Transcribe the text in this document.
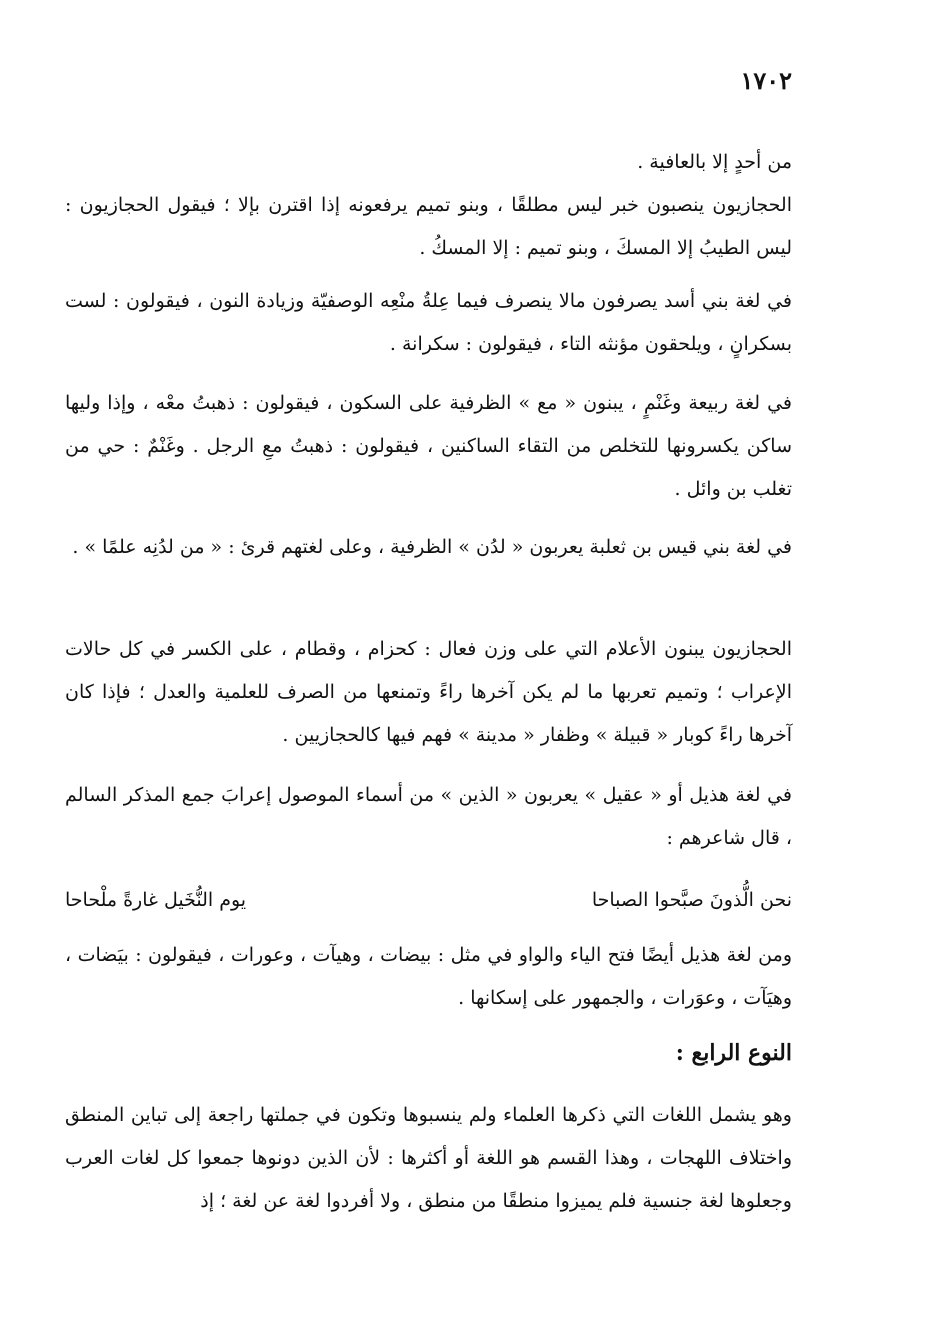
١٧٠٢

من أحدٍ إلا بالعافية .

الحجازيون ينصبون خبر ليس مطلقًا ، وبنو تميم يرفعونه إذا اقترن بإلا ؛ فيقول الحجازيون : ليس الطيبُ إلا المسكَ ، وبنو تميم : إلا المسكُ .

في لغة بني أسد يصرفون مالا ينصرف فيما عِلةُ منْعِه الوصفيّة وزيادة النون ، فيقولون : لست بسكرانٍ ، ويلحقون مؤنثه التاء ، فيقولون : سكرانة .

في لغة ربيعة وغَنْمٍ ، يبنون « مع » الظرفية على السكون ، فيقولون : ذهبتُ معْه ، وإذا وليها ساكن يكسرونها للتخلص من التقاء الساكنين ، فيقولون : ذهبتُ معِ الرجل . وغَنْمٌ : حي من تغلب بن وائل .

في لغة بني قيس بن ثعلبة يعربون « لدُن » الظرفية ، وعلى لغتهم قرئ : « من لدُنِه علمًا » .

الحجازيون يبنون الأعلام التي على وزن فعال : كحزام ، وقطام ، على الكسر في كل حالات الإعراب ؛ وتميم تعربها ما لم يكن آخرها راءً وتمنعها من الصرف للعلمية والعدل ؛ فإذا كان آخرها راءً كوبار « قبيلة » وظفار « مدينة » فهم فيها كالحجازيين .

في لغة هذيل أو « عقيل » يعربون « الذين » من أسماء الموصول إعرابَ جمع المذكر السالم ، قال شاعرهم :

نحن الُّذونَ صبَّحوا الصباحا
يوم النُّخَيل غارةً ملْحاحا

ومن لغة هذيل أيضًا فتح الياء والواو في مثل : بيضات ، وهيآت ، وعورات ، فيقولون : بيَضات ، وهيَآت ، وعوَرات ، والجمهور على إسكانها .

النوع الرابع :

وهو يشمل اللغات التي ذكرها العلماء ولم ينسبوها وتكون في جملتها راجعة إلى تباين المنطق واختلاف اللهجات ، وهذا القسم هو اللغة أو أكثرها : لأن الذين دونوها جمعوا كل لغات العرب وجعلوها لغة جنسية فلم يميزوا منطقًا من منطق ، ولا أفردوا لغة عن لغة ؛ إذ
